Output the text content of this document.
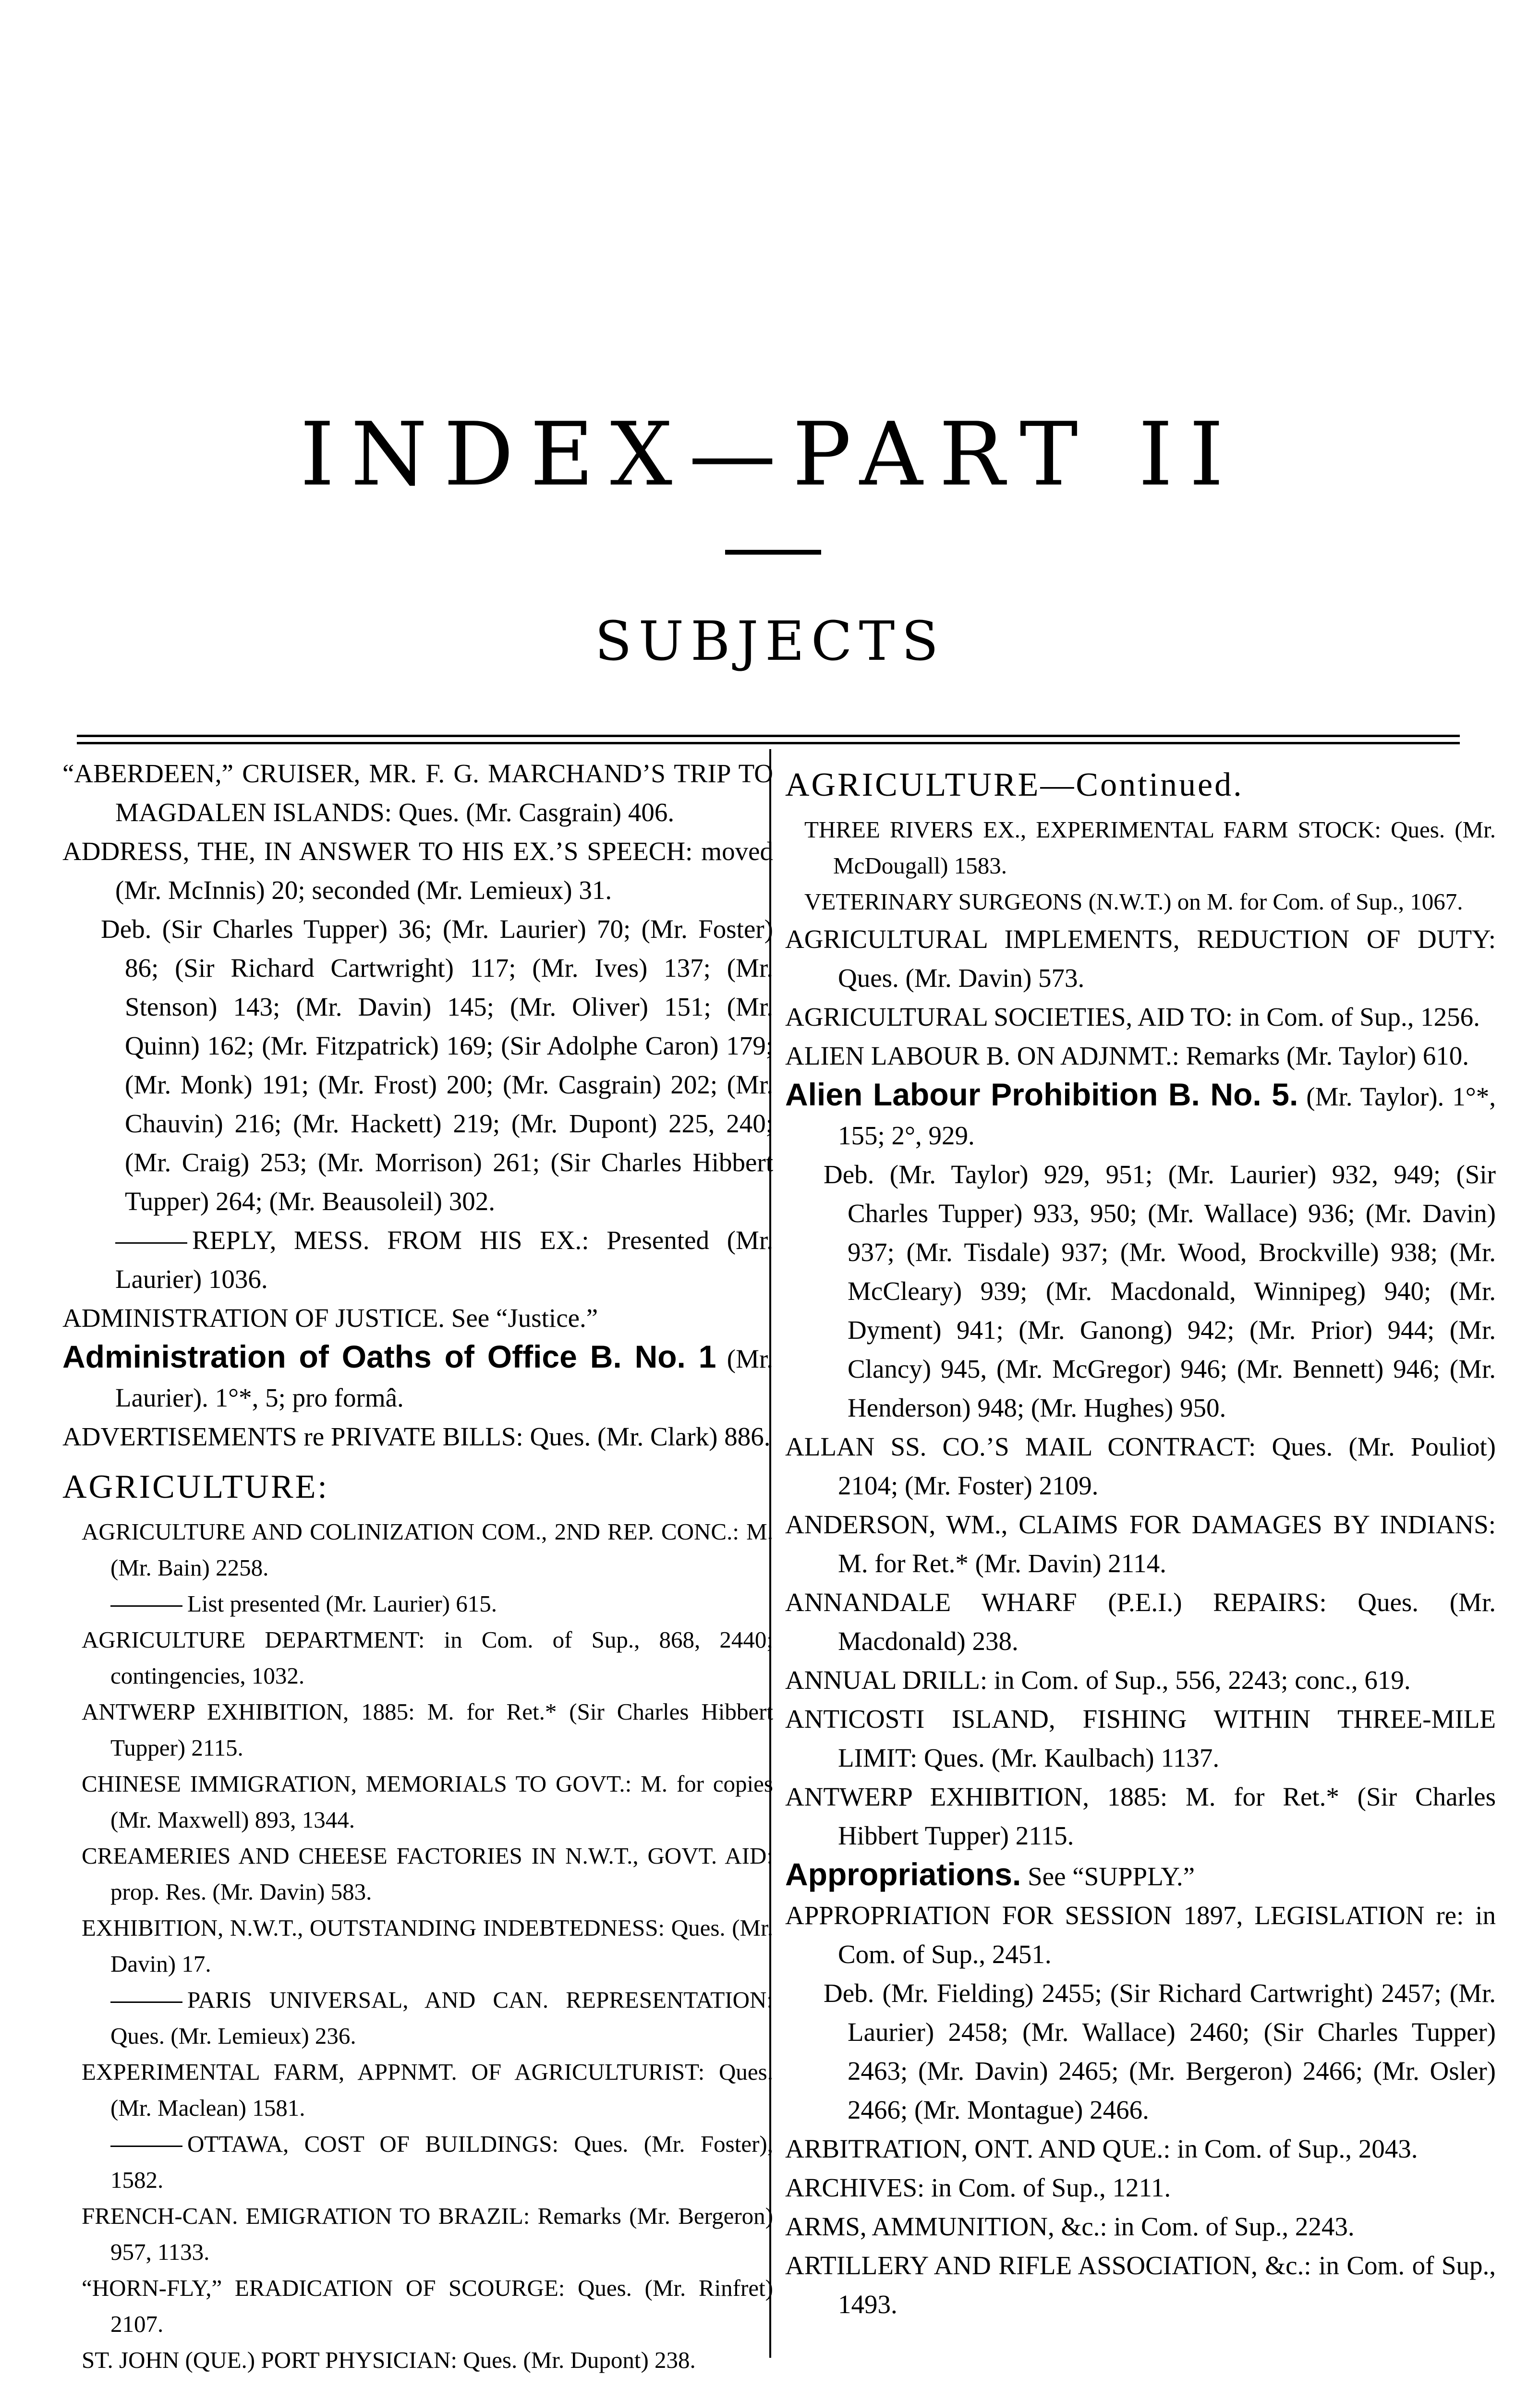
INDEX—PART II
SUBJECTS
“ABERDEEN,” CRUISER, MR. F. G. MARCHAND’S TRIP TO MAGDALEN ISLANDS: Ques. (Mr. Casgrain) 406.
ADDRESS, THE, IN ANSWER TO HIS EX.’S SPEECH: moved (Mr. McInnis) 20; seconded (Mr. Lemieux) 31.
Deb. (Sir Charles Tupper) 36; (Mr. Laurier) 70; (Mr. Foster) 86; (Sir Richard Cartwright) 117; (Mr. Ives) 137; (Mr. Stenson) 143; (Mr. Davin) 145; (Mr. Oliver) 151; (Mr. Quinn) 162; (Mr. Fitzpatrick) 169; (Sir Adolphe Caron) 179; (Mr. Monk) 191; (Mr. Frost) 200; (Mr. Casgrain) 202; (Mr. Chauvin) 216; (Mr. Hackett) 219; (Mr. Dupont) 225, 240; (Mr. Craig) 253; (Mr. Morrison) 261; (Sir Charles Hibbert Tupper) 264; (Mr. Beausoleil) 302.
REPLY, MESS. FROM HIS EX.: Presented (Mr. Laurier) 1036.
ADMINISTRATION OF JUSTICE. See “Justice.”
Administration of Oaths of Office B. No. 1 (Mr. Laurier). 1°*, 5; pro formâ.
ADVERTISEMENTS re PRIVATE BILLS: Ques. (Mr. Clark) 886.
AGRICULTURE:
AGRICULTURE AND COLINIZATION COM., 2ND REP. CONC.: M. (Mr. Bain) 2258.
List presented (Mr. Laurier) 615.
AGRICULTURE DEPARTMENT: in Com. of Sup., 868, 2440; contingencies, 1032.
ANTWERP EXHIBITION, 1885: M. for Ret.* (Sir Charles Hibbert Tupper) 2115.
CHINESE IMMIGRATION, MEMORIALS TO GOVT.: M. for copies (Mr. Maxwell) 893, 1344.
CREAMERIES AND CHEESE FACTORIES IN N.W.T., GOVT. AID: prop. Res. (Mr. Davin) 583.
EXHIBITION, N.W.T., OUTSTANDING INDEBTEDNESS: Ques. (Mr. Davin) 17.
PARIS UNIVERSAL, AND CAN. REPRESENTATION: Ques. (Mr. Lemieux) 236.
EXPERIMENTAL FARM, APPNMT. OF AGRICULTURIST: Ques. (Mr. Maclean) 1581.
OTTAWA, COST OF BUILDINGS: Ques. (Mr. Foster), 1582.
FRENCH-CAN. EMIGRATION TO BRAZIL: Remarks (Mr. Bergeron) 957, 1133.
“HORN-FLY,” ERADICATION OF SCOURGE: Ques. (Mr. Rinfret) 2107.
ST. JOHN (QUE.) PORT PHYSICIAN: Ques. (Mr. Dupont) 238.
AGRICULTURE—Continued.
THREE RIVERS EX., EXPERIMENTAL FARM STOCK: Ques. (Mr. McDougall) 1583.
VETERINARY SURGEONS (N.W.T.) on M. for Com. of Sup., 1067.
AGRICULTURAL IMPLEMENTS, REDUCTION OF DUTY: Ques. (Mr. Davin) 573.
AGRICULTURAL SOCIETIES, AID TO: in Com. of Sup., 1256.
ALIEN LABOUR B. ON ADJNMT.: Remarks (Mr. Taylor) 610.
Alien Labour Prohibition B. No. 5. (Mr. Taylor). 1°*, 155; 2°, 929.
Deb. (Mr. Taylor) 929, 951; (Mr. Laurier) 932, 949; (Sir Charles Tupper) 933, 950; (Mr. Wallace) 936; (Mr. Davin) 937; (Mr. Tisdale) 937; (Mr. Wood, Brockville) 938; (Mr. McCleary) 939; (Mr. Macdonald, Winnipeg) 940; (Mr. Dyment) 941; (Mr. Ganong) 942; (Mr. Prior) 944; (Mr. Clancy) 945, (Mr. McGregor) 946; (Mr. Bennett) 946; (Mr. Henderson) 948; (Mr. Hughes) 950.
ALLAN SS. CO.’S MAIL CONTRACT: Ques. (Mr. Pouliot) 2104; (Mr. Foster) 2109.
ANDERSON, WM., CLAIMS FOR DAMAGES BY INDIANS: M. for Ret.* (Mr. Davin) 2114.
ANNANDALE WHARF (P.E.I.) REPAIRS: Ques. (Mr. Macdonald) 238.
ANNUAL DRILL: in Com. of Sup., 556, 2243; conc., 619.
ANTICOSTI ISLAND, FISHING WITHIN THREE-MILE LIMIT: Ques. (Mr. Kaulbach) 1137.
ANTWERP EXHIBITION, 1885: M. for Ret.* (Sir Charles Hibbert Tupper) 2115.
Appropriations. See “SUPPLY.”
APPROPRIATION FOR SESSION 1897, LEGISLATION re: in Com. of Sup., 2451.
Deb. (Mr. Fielding) 2455; (Sir Richard Cartwright) 2457; (Mr. Laurier) 2458; (Mr. Wallace) 2460; (Sir Charles Tupper) 2463; (Mr. Davin) 2465; (Mr. Bergeron) 2466; (Mr. Osler) 2466; (Mr. Montague) 2466.
ARBITRATION, ONT. AND QUE.: in Com. of Sup., 2043.
ARCHIVES: in Com. of Sup., 1211.
ARMS, AMMUNITION, &c.: in Com. of Sup., 2243.
ARTILLERY AND RIFLE ASSOCIATION, &c.: in Com. of Sup., 1493.
